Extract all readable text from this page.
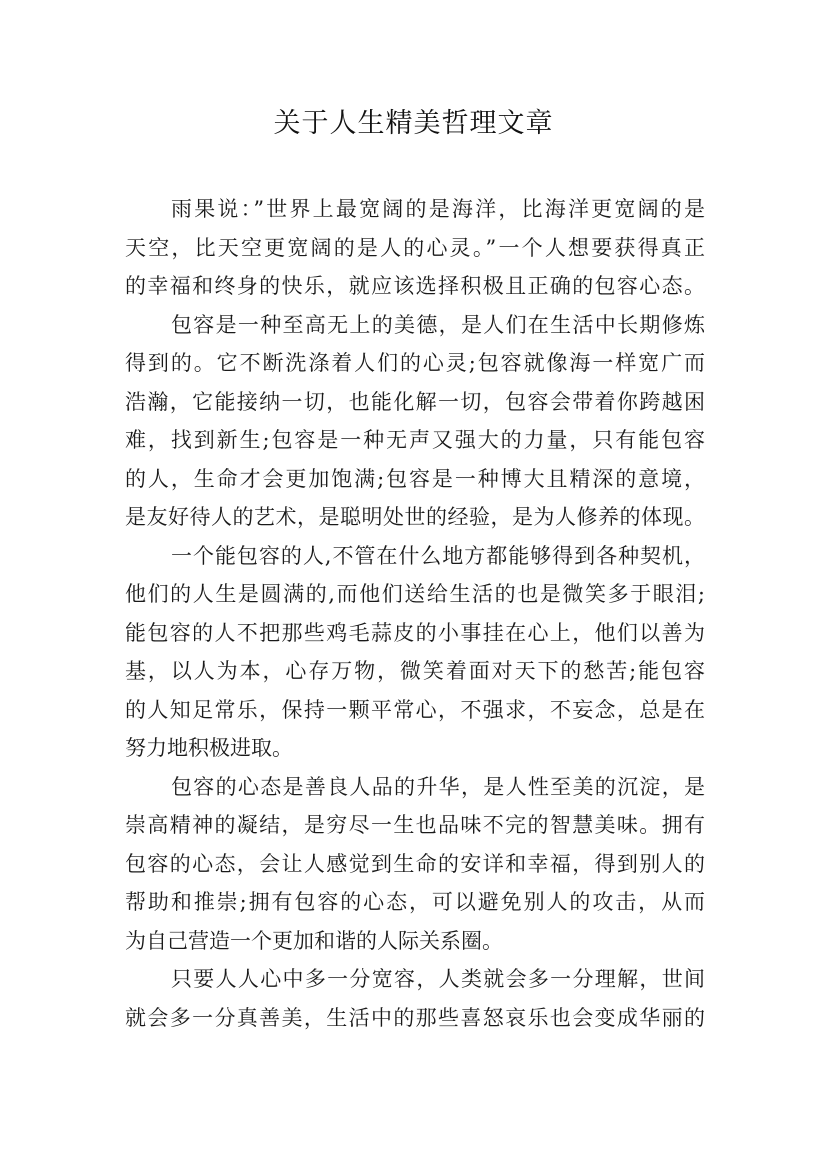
关于人生精美哲理文章
雨果说：”世界上最宽阔的是海洋，比海洋更宽阔的是
天空，比天空更宽阔的是人的心灵。”一个人想要获得真正
的幸福和终身的快乐，就应该选择积极且正确的包容心态。
包容是一种至高无上的美德，是人们在生活中长期修炼
得到的。它不断洗涤着人们的心灵;包容就像海一样宽广而
浩瀚，它能接纳一切，也能化解一切，包容会带着你跨越困
难，找到新生;包容是一种无声又强大的力量，只有能包容
的人，生命才会更加饱满;包容是一种博大且精深的意境，
是友好待人的艺术，是聪明处世的经验，是为人修养的体现。
一个能包容的人,不管在什么地方都能够得到各种契机，
他们的人生是圆满的,而他们送给生活的也是微笑多于眼泪;
能包容的人不把那些鸡毛蒜皮的小事挂在心上，他们以善为
基，以人为本，心存万物，微笑着面对天下的愁苦;能包容
的人知足常乐，保持一颗平常心，不强求，不妄念，总是在
努力地积极进取。
包容的心态是善良人品的升华，是人性至美的沉淀，是
崇高精神的凝结，是穷尽一生也品味不完的智慧美味。拥有
包容的心态，会让人感觉到生命的安详和幸福，得到别人的
帮助和推崇;拥有包容的心态，可以避免别人的攻击，从而
为自己营造一个更加和谐的人际关系圈。
只要人人心中多一分宽容，人类就会多一分理解，世间
就会多一分真善美，生活中的那些喜怒哀乐也会变成华丽的
